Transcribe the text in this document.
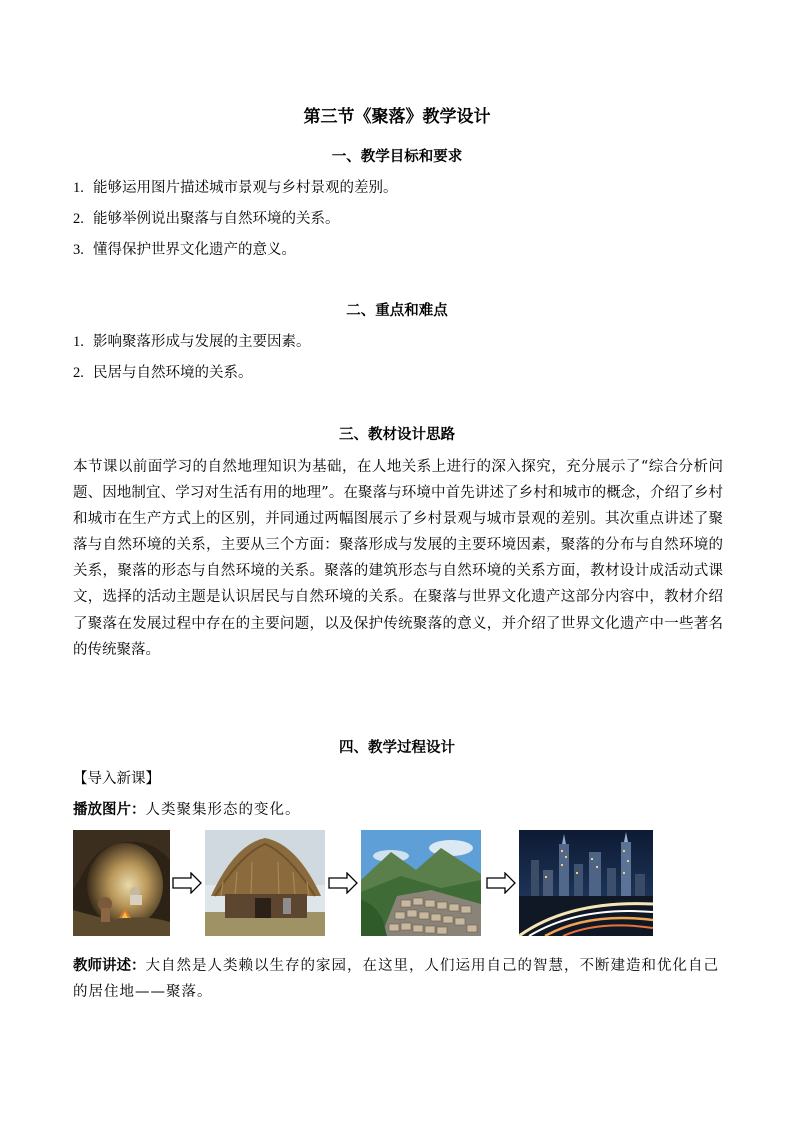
第三节《聚落》教学设计
一、教学目标和要求
1. 能够运用图片描述城市景观与乡村景观的差别。
2. 能够举例说出聚落与自然环境的关系。
3. 懂得保护世界文化遗产的意义。
二、重点和难点
1. 影响聚落形成与发展的主要因素。
2. 民居与自然环境的关系。
三、教材设计思路
本节课以前面学习的自然地理知识为基础，在人地关系上进行的深入探究，充分展示了“综合分析问题、因地制宜、学习对生活有用的地理”。在聚落与环境中首先讲述了乡村和城市的概念，介绍了乡村和城市在生产方式上的区别，并同通过两幅图展示了乡村景观与城市景观的差别。其次重点讲述了聚落与自然环境的关系，主要从三个方面：聚落形成与发展的主要环境因素，聚落的分布与自然环境的关系，聚落的形态与自然环境的关系。聚落的建筑形态与自然环境的关系方面，教材设计成活动式课文，选择的活动主题是认识居民与自然环境的关系。在聚落与世界文化遗产这部分内容中，教材介绍了聚落在发展过程中存在的主要问题，以及保护传统聚落的意义，并介绍了世界文化遗产中一些著名的传统聚落。
四、教学过程设计
【导入新课】
播放图片：人类聚集形态的变化。
教师讲述：大自然是人类赖以生存的家园，在这里，人们运用自己的智慧，不断建造和优化自己的居住地——聚落。
